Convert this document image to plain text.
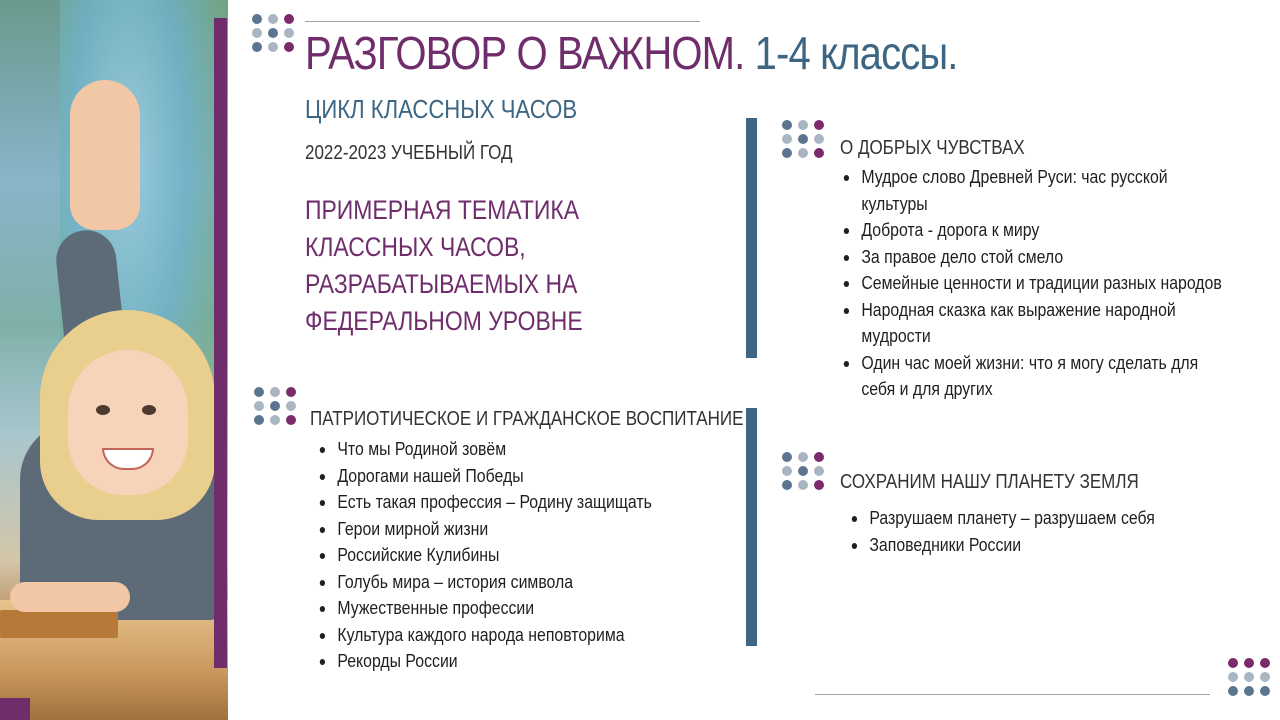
РАЗГОВОР О ВАЖНОМ. 1-4 классы.
ЦИКЛ КЛАССНЫХ ЧАСОВ
2022-2023 УЧЕБНЫЙ ГОД
ПРИМЕРНАЯ ТЕМАТИКА КЛАССНЫХ ЧАСОВ, РАЗРАБАТЫВАЕМЫХ НА ФЕДЕРАЛЬНОМ УРОВНЕ
ПАТРИОТИЧЕСКОЕ И ГРАЖДАНСКОЕ ВОСПИТАНИЕ
Что мы Родиной зовём
Дорогами нашей Победы
Есть такая профессия – Родину защищать
Герои мирной жизни
Российские Кулибины
Голубь мира – история символа
Мужественные профессии
Культура каждого народа неповторима
Рекорды России
О ДОБРЫХ ЧУВСТВАХ
Мудрое слово Древней Руси: час русской культуры
Доброта - дорога к миру
За правое дело стой смело
Семейные ценности и традиции разных народов
Народная сказка как выражение народной мудрости
Один час моей жизни: что я могу сделать для себя и для других
СОХРАНИМ НАШУ ПЛАНЕТУ ЗЕМЛЯ
Разрушаем планету – разрушаем себя
Заповедники России
